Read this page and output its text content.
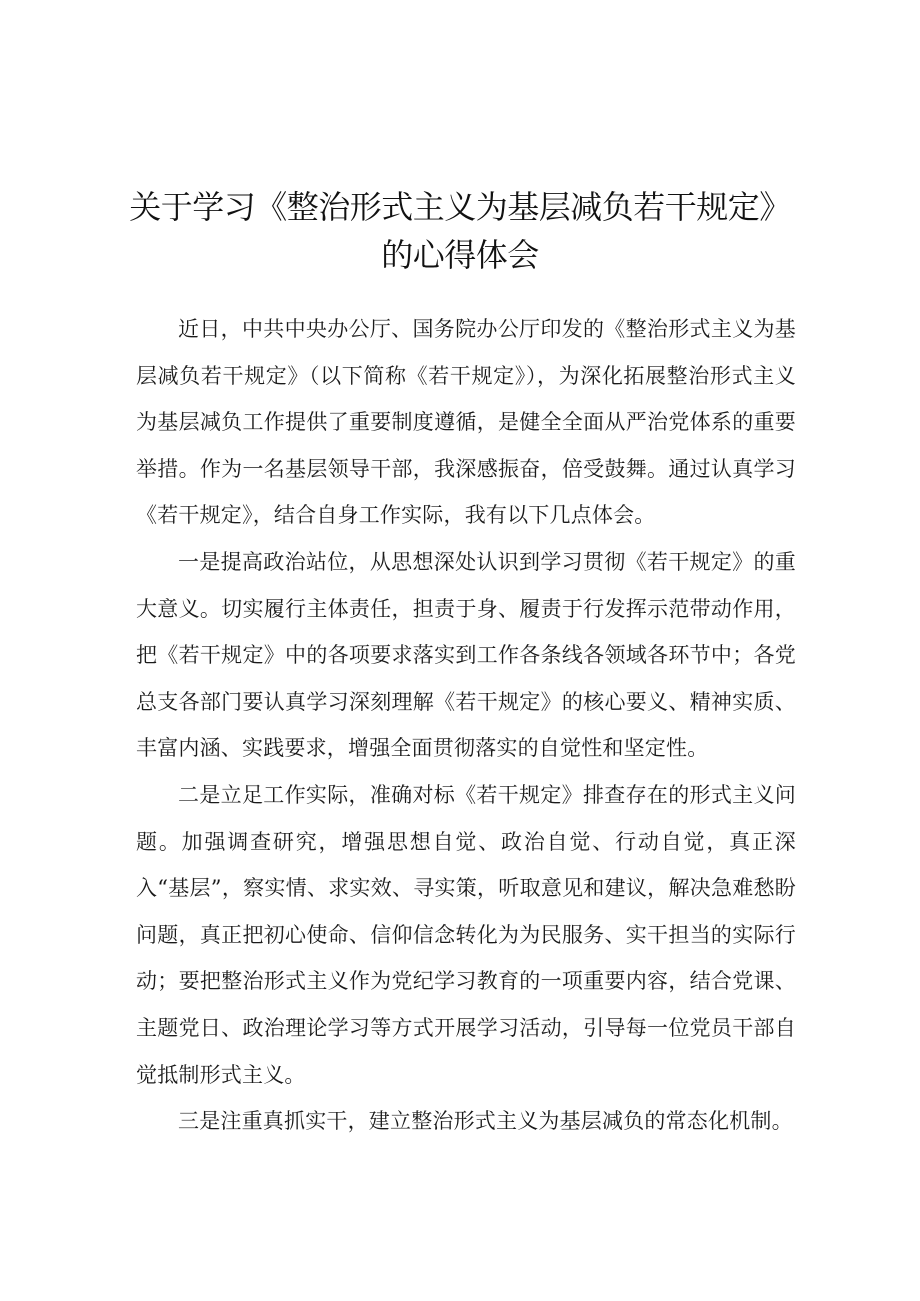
关于学习《整治形式主义为基层减负若干规定》的心得体会

近日，中共中央办公厅、国务院办公厅印发的《整治形式主义为基层减负若干规定》（以下简称《若干规定》），为深化拓展整治形式主义为基层减负工作提供了重要制度遵循，是健全全面从严治党体系的重要举措。作为一名基层领导干部，我深感振奋，倍受鼓舞。通过认真学习《若干规定》，结合自身工作实际，我有以下几点体会。

一是提高政治站位，从思想深处认识到学习贯彻《若干规定》的重大意义。切实履行主体责任，担责于身、履责于行发挥示范带动作用，把《若干规定》中的各项要求落实到工作各条线各领域各环节中；各党总支各部门要认真学习深刻理解《若干规定》的核心要义、精神实质、丰富内涵、实践要求，增强全面贯彻落实的自觉性和坚定性。

二是立足工作实际，准确对标《若干规定》排查存在的形式主义问题。加强调查研究，增强思想自觉、政治自觉、行动自觉，真正深入“基层”，察实情、求实效、寻实策，听取意见和建议，解决急难愁盼问题，真正把初心使命、信仰信念转化为为民服务、实干担当的实际行动；要把整治形式主义作为党纪学习教育的一项重要内容，结合党课、主题党日、政治理论学习等方式开展学习活动，引导每一位党员干部自觉抵制形式主义。

三是注重真抓实干，建立整治形式主义为基层减负的常态化机制。
